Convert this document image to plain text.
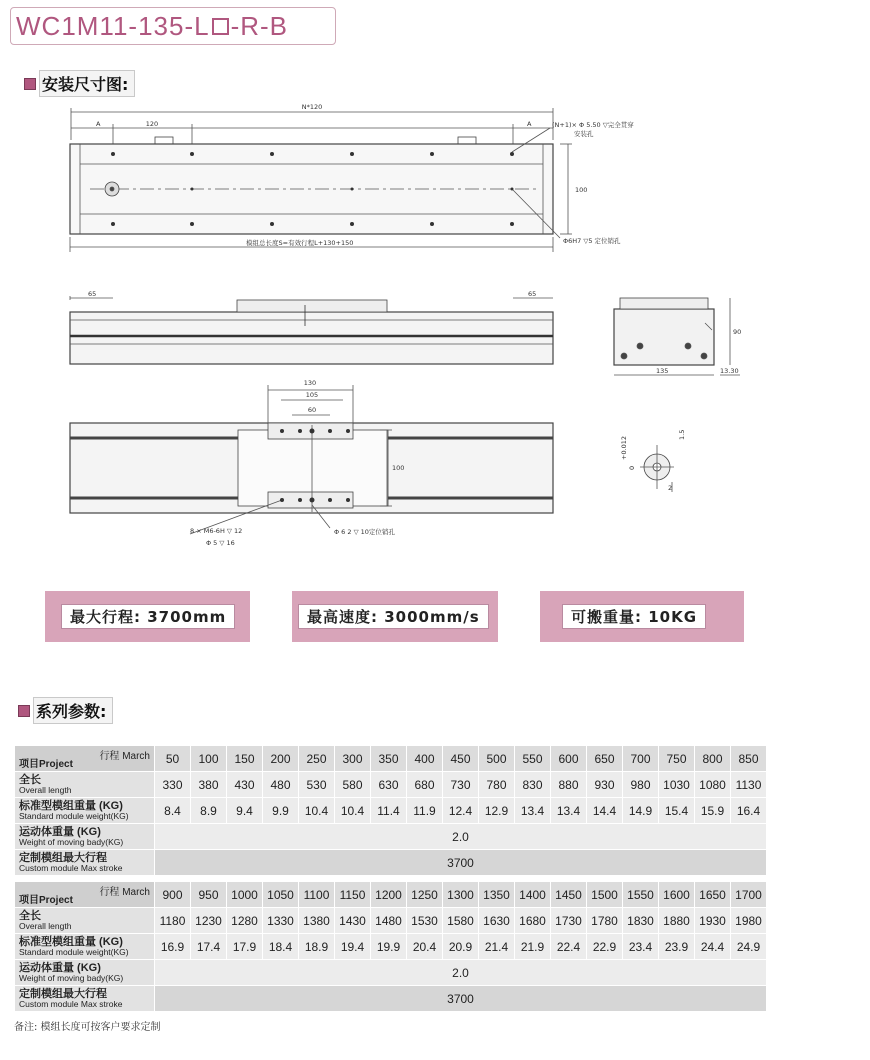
WC1M11-135-L -R-B
安装尺寸图:
N*120
A	A
120	(N+1)× Φ 5.50 ▽完全贯穿
安装孔
100
模组总长度S=有效行程L+130+150	Φ6H7 ▽5 定位销孔
65	65
135
90
13.30
130
105
60
100
8 × M6-6H ▽ 12
Φ 5 ▽ 16
Φ 6 2 ▽ 10定位销孔
+0.012
0
1.5
2
最大行程: 3700mm	最高速度: 3000mm/s	可搬重量: 10KG
系列参数:
行程 March
项目Project	50	100	150	200	250	300	350	400	450	500	550	600	650	700	750	800	850

全长
Overall length	330	380	430	480	530	580	630	680	730	780	830	880	930	980	1030	1080	1130

标准型模组重量 (KG)
Standard module weight(KG)	8.4	8.9	9.4	9.9	10.4	10.4	11.4	11.9	12.4	12.9	13.4	13.4	14.4	14.9	15.4	15.9	16.4

运动体重量 (KG)
Weight of moving bady(KG)	2.0																

定制模组最大行程
Custom module Max stroke	3700																
行程 March
项目Project	900	950	1000	1050	1100	1150	1200	1250	1300	1350	1400	1450	1500	1550	1600	1650	1700

全长
Overall length	1180	1230	1280	1330	1380	1430	1480	1530	1580	1630	1680	1730	1780	1830	1880	1930	1980

标准型模组重量 (KG)
Standard module weight(KG)	16.9	17.4	17.9	18.4	18.9	19.4	19.9	20.4	20.9	21.4	21.9	22.4	22.9	23.4	23.9	24.4	24.9

运动体重量 (KG)
Weight of moving bady(KG)	2.0																

定制模组最大行程
Custom module Max stroke	3700																
备注: 模组长度可按客户要求定制
